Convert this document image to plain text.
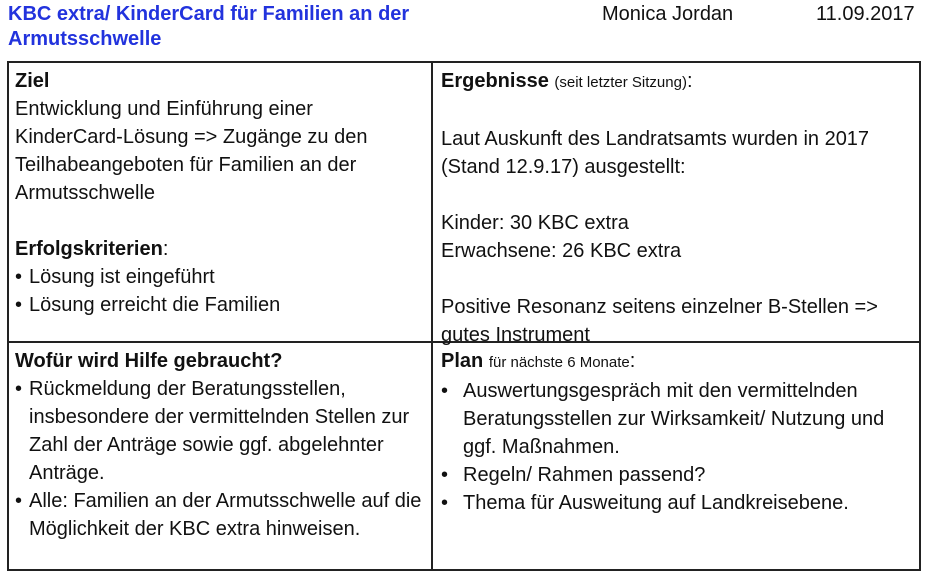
KBC extra/ KinderCard für Familien an der Armutsschwelle
Monica Jordan	11.09.2017
Ziel
Entwicklung und Einführung einer KinderCard-Lösung => Zugänge zu den Teilhabeangeboten für Familien an der Armutsschwelle
Erfolgskriterien:
• Lösung ist eingeführt
• Lösung erreicht die Familien
Ergebnisse (seit letzter Sitzung):
Laut Auskunft des Landratsamts wurden in 2017 (Stand 12.9.17) ausgestellt:
Kinder: 30 KBC extra
Erwachsene: 26 KBC extra
Positive Resonanz seitens einzelner B-Stellen => gutes Instrument
Wofür wird Hilfe gebraucht?
• Rückmeldung der Beratungsstellen, insbesondere der vermittelnden Stellen zur Zahl der Anträge sowie ggf. abgelehnter Anträge.
• Alle: Familien an der Armutsschwelle auf die Möglichkeit der KBC extra hinweisen.
Plan für nächste 6 Monate:
• Auswertungsgespräch mit den vermittelnden Beratungsstellen zur Wirksamkeit/ Nutzung und ggf. Maßnahmen.
• Regeln/ Rahmen passend?
• Thema für Ausweitung auf Landkreisebene.
